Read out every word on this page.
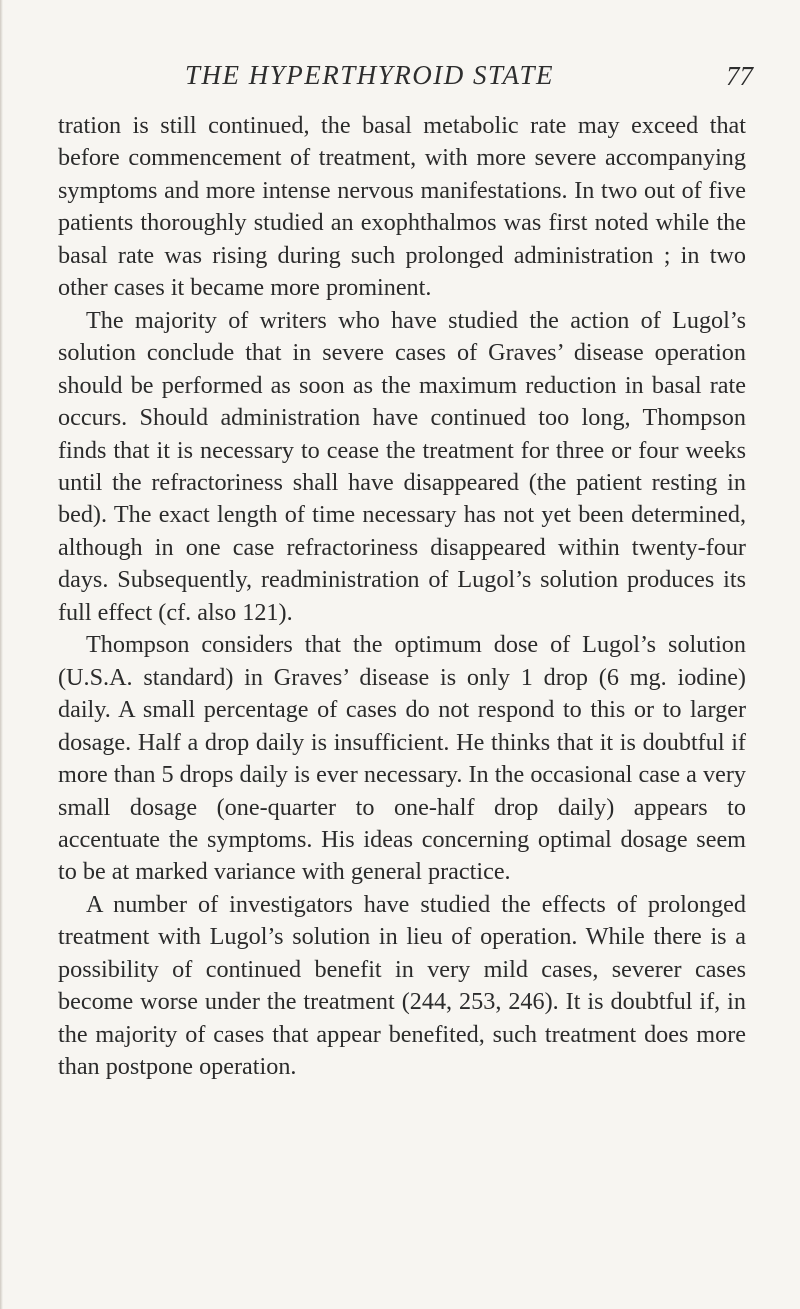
THE HYPERTHYROID STATE	77

tration is still continued, the basal metabolic rate may exceed that before commencement of treatment, with more severe accompanying symptoms and more intense nervous manifestations. In two out of five patients thoroughly studied an exophthalmos was first noted while the basal rate was rising during such prolonged administration ; in two other cases it became more prominent.

The majority of writers who have studied the action of Lugol’s solution conclude that in severe cases of Graves’ disease operation should be performed as soon as the maximum reduction in basal rate occurs. Should administration have continued too long, Thompson finds that it is necessary to cease the treatment for three or four weeks until the refractoriness shall have disappeared (the patient resting in bed). The exact length of time necessary has not yet been determined, although in one case refractoriness disappeared within twenty-four days. Subsequently, readministration of Lugol’s solution produces its full effect (cf. also 121).

Thompson considers that the optimum dose of Lugol’s solution (U.S.A. standard) in Graves’ disease is only 1 drop (6 mg. iodine) daily. A small percentage of cases do not respond to this or to larger dosage. Half a drop daily is insufficient. He thinks that it is doubtful if more than 5 drops daily is ever necessary. In the occasional case a very small dosage (one-quarter to one-half drop daily) appears to accentuate the symptoms. His ideas concerning optimal dosage seem to be at marked variance with general practice.

A number of investigators have studied the effects of prolonged treatment with Lugol’s solution in lieu of operation. While there is a possibility of continued benefit in very mild cases, severer cases become worse under the treatment (244, 253, 246). It is doubtful if, in the majority of cases that appear benefited, such treatment does more than postpone operation.
